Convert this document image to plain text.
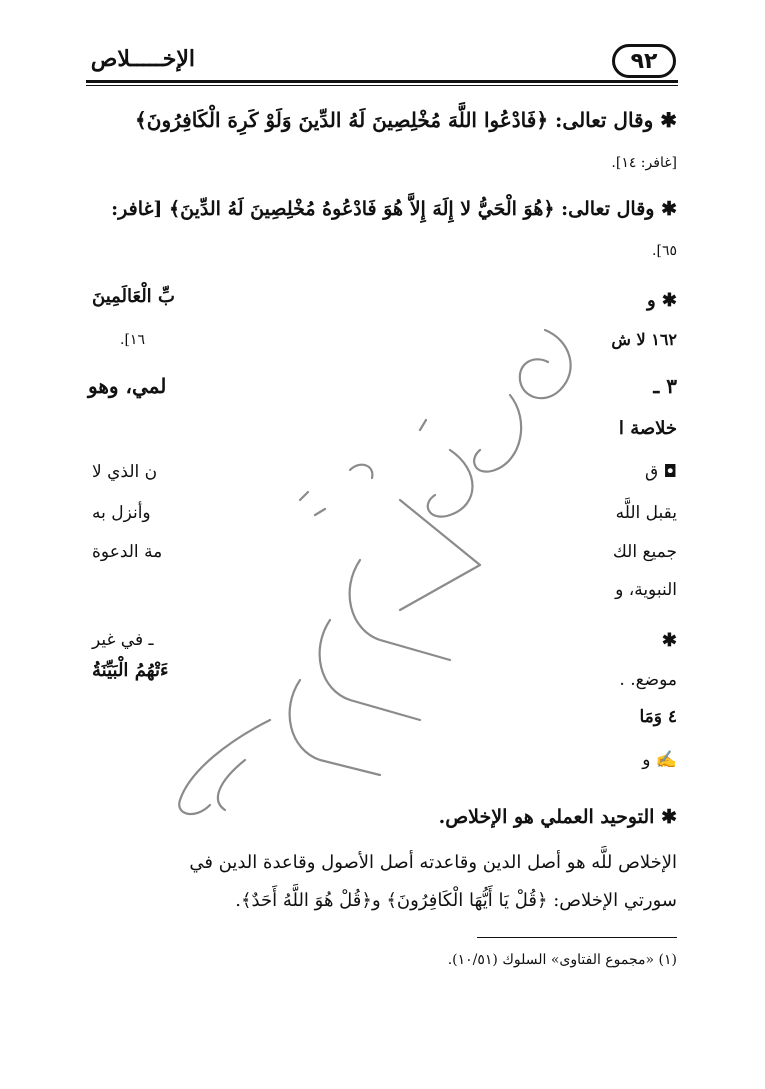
٩٢
الإخـــــلاص
✱ وقال تعالى: ﴿فَادْعُوا اللَّهَ مُخْلِصِينَ لَهُ الدِّينَ وَلَوْ كَرِهَ الْكَافِرُونَ﴾
[غافر: ١٤].
✱ وقال تعالى: ﴿هُوَ الْحَيُّ لا إِلَهَ إِلاَّ هُوَ فَادْعُوهُ مُخْلِصِينَ لَهُ الدِّينَ﴾ [غافر:
٦٥].
✱ و
بِّ الْعَالَمِينَ
١٦٢ لا ش
١٦].
٣ ـ
لمي، وهو
خلاصة ا
◘ ق
ن الذي لا
يقبل اللَّه
وأنزل به
جميع الك
مة الدعوة
النبوية، و
✱
ـ في غير
موضع. .
ءَتْهُمُ الْبَيِّنَةُ
٤ وَمَا
✍ و
✱ التوحيد العملي هو الإخلاص.
الإخلاص للَّه هو أصل الدين وقاعدته أصل الأصول وقاعدة الدين في
سورتي الإخلاص: ﴿قُلْ يَا أَيُّهَا الْكَافِرُونَ﴾ و﴿قُلْ هُوَ اللَّهُ أَحَدٌ﴾.
(١) «مجموع الفتاوى» السلوك (١٠/٥١).
